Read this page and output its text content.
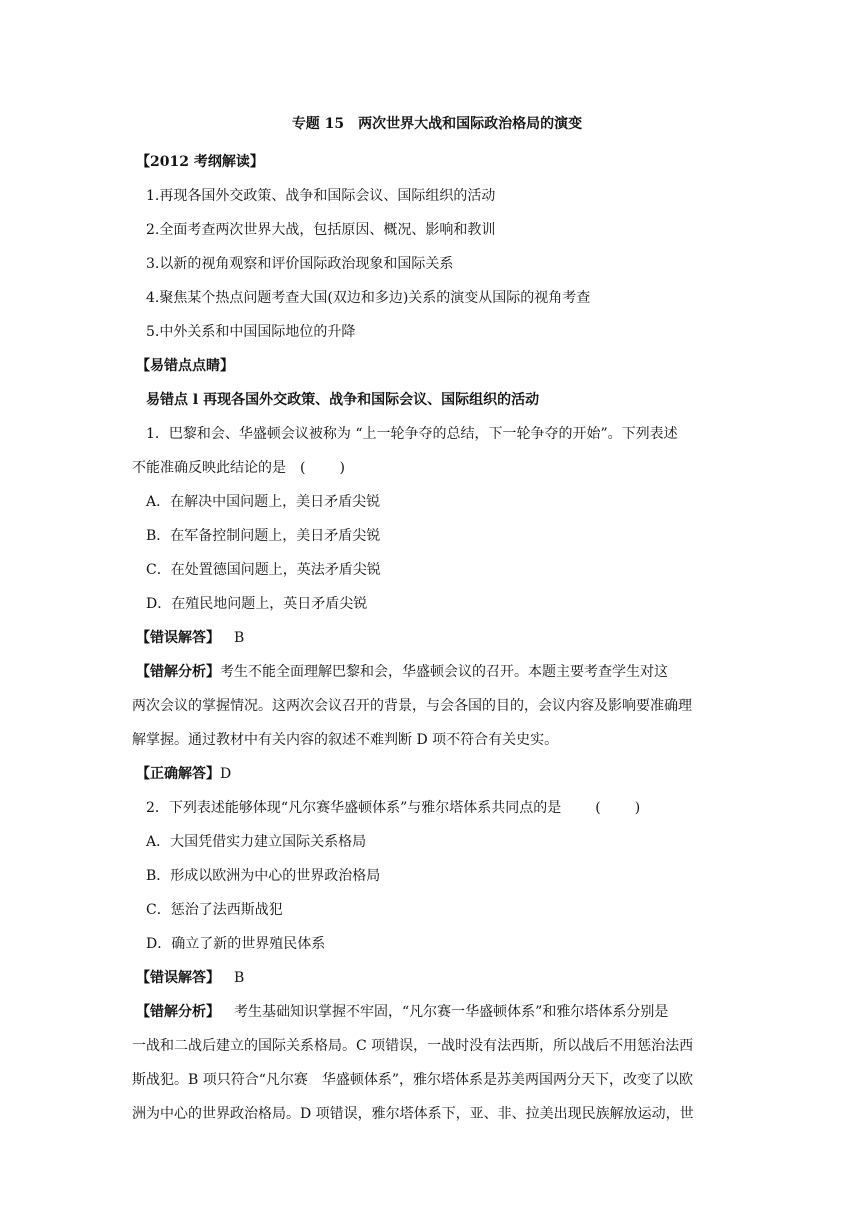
专题 15　两次世界大战和国际政治格局的演变
【2012 考纲解读】
1.再现各国外交政策、战争和国际会议、国际组织的活动
2.全面考查两次世界大战，包括原因、概况、影响和教训
3.以新的视角观察和评价国际政治现象和国际关系
4.聚焦某个热点问题考查大国(双边和多边)关系的演变从国际的视角考查
5.中外关系和中国国际地位的升降
【易错点点睛】
易错点 l 再现各国外交政策、战争和国际会议、国际组织的活动
1．巴黎和会、华盛顿会议被称为 “上一轮争夺的总结，下一轮争夺的开始”。下列表述
不能准确反映此结论的是 ( )
A．在解决中国问题上，美日矛盾尖锐
B．在军备控制问题上，美日矛盾尖锐
C．在处置德国问题上，英法矛盾尖锐
D．在殖民地问题上，英日矛盾尖锐
【错误解答】 B
【错解分析】考生不能全面理解巴黎和会，华盛顿会议的召开。本题主要考查学生对这
两次会议的掌握情况。这两次会议召开的背景，与会各国的目的，会议内容及影响要准确理
解掌握。通过教材中有关内容的叙述不难判断 D 项不符合有关史实。
【正确解答】D
2．下列表述能够体现“凡尔赛华盛顿体系”与雅尔塔体系共同点的是 ( )
A．大国凭借实力建立国际关系格局
B．形成以欧洲为中心的世界政治格局
C．惩治了法西斯战犯
D．确立了新的世界殖民体系
【错误解答】 B
【错解分析】 考生基础知识掌握不牢固，“凡尔赛一华盛顿体系”和雅尔塔体系分别是
一战和二战后建立的国际关系格局。C 项错误，一战时没有法西斯，所以战后不用惩治法西
斯战犯。B 项只符合“凡尔赛　华盛顿体系”，雅尔塔体系是苏美两国两分天下，改变了以欧
洲为中心的世界政治格局。D 项错误，雅尔塔体系下，亚、非、拉美出现民族解放运动，世
